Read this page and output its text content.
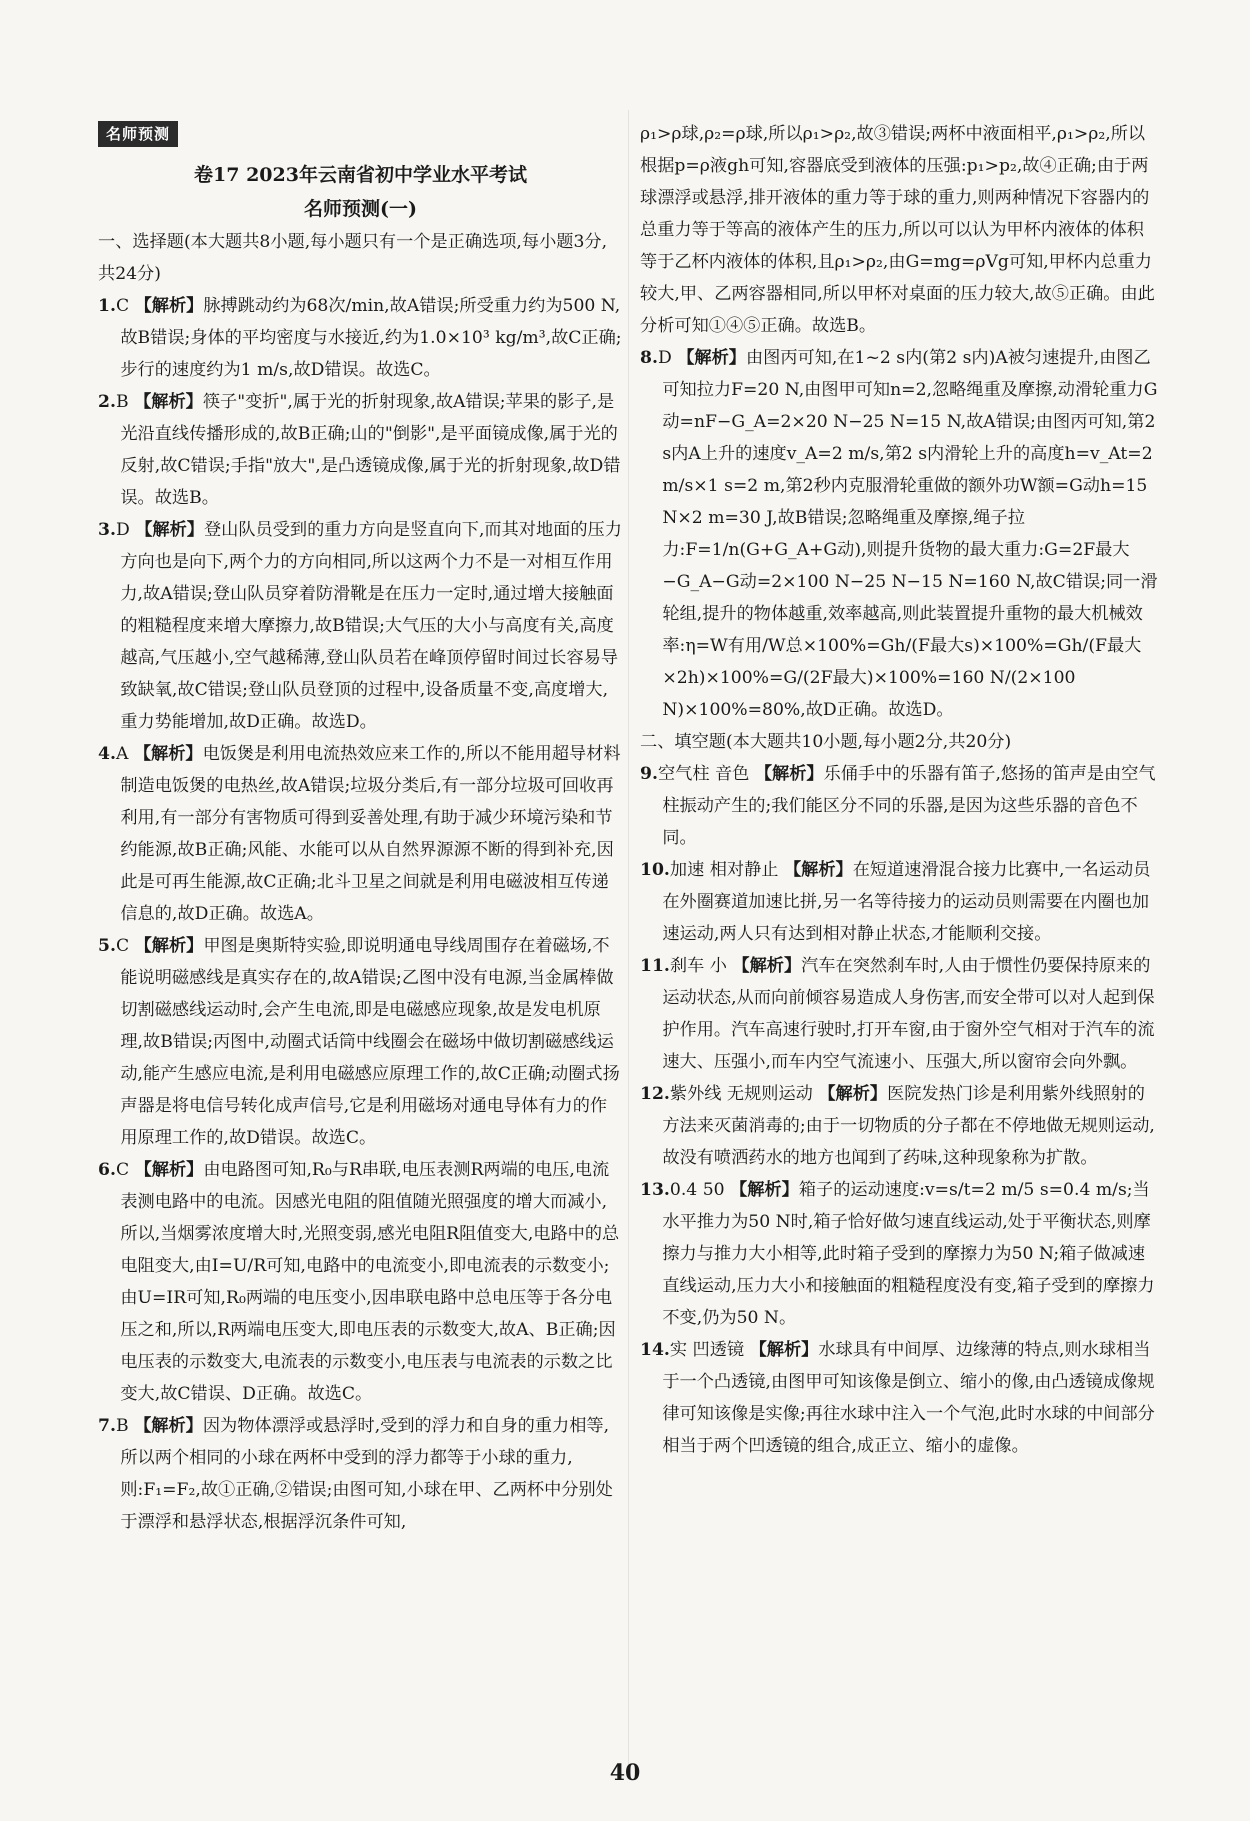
名师预测
卷17 2023年云南省初中学业水平考试
名师预测(一)

一、选择题(本大题共8小题,每小题只有一个是正确选项,每小题3分,共24分)

1.C 【解析】脉搏跳动约为68次/min,故A错误;所受重力约为500 N,故B错误;身体的平均密度与水接近,约为1.0×10³ kg/m³,故C正确;步行的速度约为1 m/s,故D错误。故选C。

2.B 【解析】筷子"变折",属于光的折射现象,故A错误;苹果的影子,是光沿直线传播形成的,故B正确;山的"倒影",是平面镜成像,属于光的反射,故C错误;手指"放大",是凸透镜成像,属于光的折射现象,故D错误。故选B。

3.D 【解析】登山队员受到的重力方向是竖直向下,而其对地面的压力方向也是向下,两个力的方向相同,所以这两个力不是一对相互作用力,故A错误;登山队员穿着防滑靴是在压力一定时,通过增大接触面的粗糙程度来增大摩擦力,故B错误;大气压的大小与高度有关,高度越高,气压越小,空气越稀薄,登山队员若在峰顶停留时间过长容易导致缺氧,故C错误;登山队员登顶的过程中,设备质量不变,高度增大,重力势能增加,故D正确。故选D。

4.A 【解析】电饭煲是利用电流热效应来工作的,所以不能用超导材料制造电饭煲的电热丝,故A错误;垃圾分类后,有一部分垃圾可回收再利用,有一部分有害物质可得到妥善处理,有助于减少环境污染和节约能源,故B正确;风能、水能可以从自然界源源不断的得到补充,因此是可再生能源,故C正确;北斗卫星之间就是利用电磁波相互传递信息的,故D正确。故选A。

5.C 【解析】甲图是奥斯特实验,即说明通电导线周围存在着磁场,不能说明磁感线是真实存在的,故A错误;乙图中没有电源,当金属棒做切割磁感线运动时,会产生电流,即是电磁感应现象,故是发电机原理,故B错误;丙图中,动圈式话筒中线圈会在磁场中做切割磁感线运动,能产生感应电流,是利用电磁感应原理工作的,故C正确;动圈式扬声器是将电信号转化成声信号,它是利用磁场对通电导体有力的作用原理工作的,故D错误。故选C。

6.C 【解析】由电路图可知,R₀与R串联,电压表测R两端的电压,电流表测电路中的电流。因感光电阻的阻值随光照强度的增大而减小,所以,当烟雾浓度增大时,光照变弱,感光电阻R阻值变大,电路中的总电阻变大,由I=U/R可知,电路中的电流变小,即电流表的示数变小;由U=IR可知,R₀两端的电压变小,因串联电路中总电压等于各分电压之和,所以,R两端电压变大,即电压表的示数变大,故A、B正确;因电压表的示数变大,电流表的示数变小,电压表与电流表的示数之比变大,故C错误、D正确。故选C。

7.B 【解析】因为物体漂浮或悬浮时,受到的浮力和自身的重力相等,所以两个相同的小球在两杯中受到的浮力都等于小球的重力,则:F₁=F₂,故①正确,②错误;由图可知,小球在甲、乙两杯中分别处于漂浮和悬浮状态,根据浮沉条件可知,

ρ₁>ρ球,ρ₂=ρ球,所以ρ₁>ρ₂,故③错误;两杯中液面相平,ρ₁>ρ₂,所以根据p=ρ液gh可知,容器底受到液体的压强:p₁>p₂,故④正确;由于两球漂浮或悬浮,排开液体的重力等于球的重力,则两种情况下容器内的总重力等于等高的液体产生的压力,所以可以认为甲杯内液体的体积等于乙杯内液体的体积,且ρ₁>ρ₂,由G=mg=ρVg可知,甲杯内总重力较大,甲、乙两容器相同,所以甲杯对桌面的压力较大,故⑤正确。由此分析可知①④⑤正确。故选B。

8.D 【解析】由图丙可知,在1~2 s内(第2 s内)A被匀速提升,由图乙可知拉力F=20 N,由图甲可知n=2,忽略绳重及摩擦,动滑轮重力G动=nF−G_A=2×20 N−25 N=15 N,故A错误;由图丙可知,第2 s内A上升的速度v_A=2 m/s,第2 s内滑轮上升的高度h=v_At=2 m/s×1 s=2 m,第2秒内克服滑轮重做的额外功W额=G动h=15 N×2 m=30 J,故B错误;忽略绳重及摩擦,绳子拉力:F=1/n(G+G_A+G动),则提升货物的最大重力:G=2F最大−G_A−G动=2×100 N−25 N−15 N=160 N,故C错误;同一滑轮组,提升的物体越重,效率越高,则此装置提升重物的最大机械效率:η=W有用/W总×100%=Gh/(F最大s)×100%=Gh/(F最大×2h)×100%=G/(2F最大)×100%=160 N/(2×100 N)×100%=80%,故D正确。故选D。

二、填空题(本大题共10小题,每小题2分,共20分)

9.空气柱 音色 【解析】乐俑手中的乐器有笛子,悠扬的笛声是由空气柱振动产生的;我们能区分不同的乐器,是因为这些乐器的音色不同。

10.加速 相对静止 【解析】在短道速滑混合接力比赛中,一名运动员在外圈赛道加速比拼,另一名等待接力的运动员则需要在内圈也加速运动,两人只有达到相对静止状态,才能顺利交接。

11.刹车 小 【解析】汽车在突然刹车时,人由于惯性仍要保持原来的运动状态,从而向前倾容易造成人身伤害,而安全带可以对人起到保护作用。汽车高速行驶时,打开车窗,由于窗外空气相对于汽车的流速大、压强小,而车内空气流速小、压强大,所以窗帘会向外飘。

12.紫外线 无规则运动 【解析】医院发热门诊是利用紫外线照射的方法来灭菌消毒的;由于一切物质的分子都在不停地做无规则运动,故没有喷洒药水的地方也闻到了药味,这种现象称为扩散。

13.0.4 50 【解析】箱子的运动速度:v=s/t=2 m/5 s=0.4 m/s;当水平推力为50 N时,箱子恰好做匀速直线运动,处于平衡状态,则摩擦力与推力大小相等,此时箱子受到的摩擦力为50 N;箱子做减速直线运动,压力大小和接触面的粗糙程度没有变,箱子受到的摩擦力不变,仍为50 N。

14.实 凹透镜 【解析】水球具有中间厚、边缘薄的特点,则水球相当于一个凸透镜,由图甲可知该像是倒立、缩小的像,由凸透镜成像规律可知该像是实像;再往水球中注入一个气泡,此时水球的中间部分相当于两个凹透镜的组合,成正立、缩小的虚像。

40
